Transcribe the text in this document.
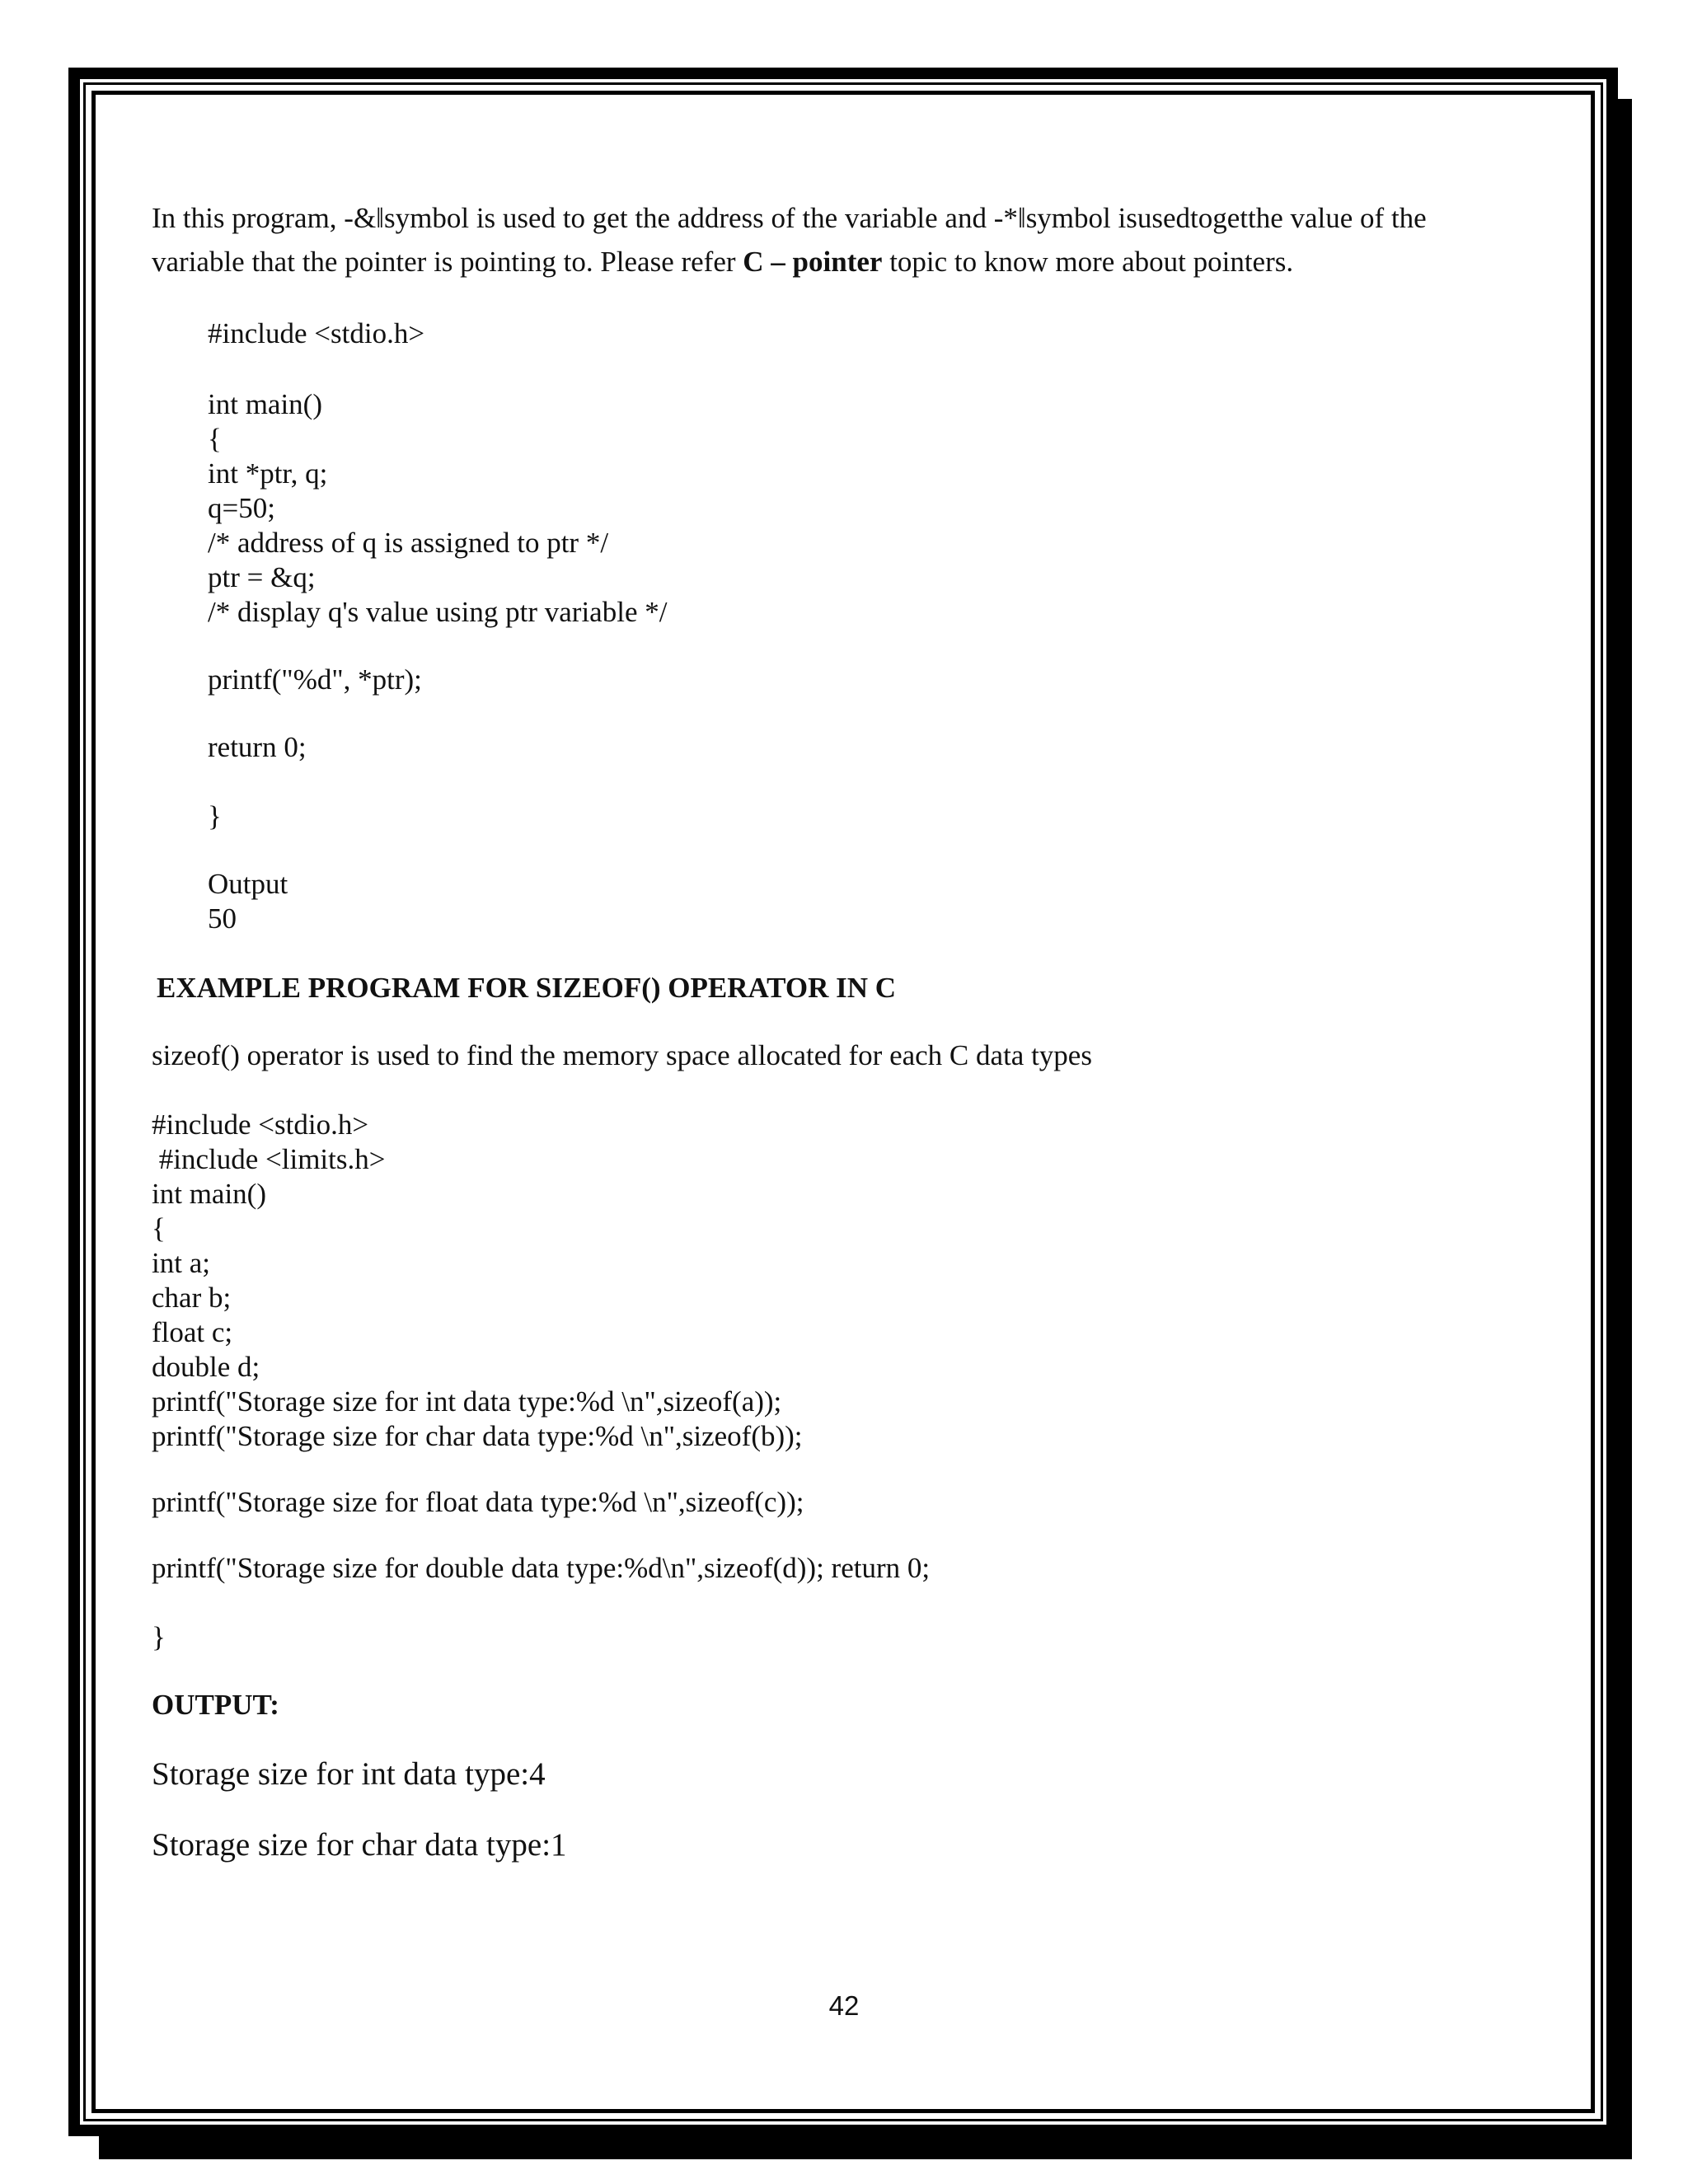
In this program, ‑&‖symbol is used to get the address of the variable and ‑*‖symbol isusedtogetthe value of the variable that the pointer is pointing to. Please refer C – pointer topic to know more about pointers.
#include <stdio.h>
int main()
{
int *ptr, q;
q=50;
/* address of q is assigned to ptr */
ptr = &q;
/* display q's value using ptr variable */
printf("%d", *ptr);
return 0;
}
Output
50
EXAMPLE PROGRAM FOR SIZEOF() OPERATOR IN C
sizeof() operator is used to find the memory space allocated for each C data types
#include <stdio.h>
#include <limits.h>
int main()
{
int a;
char b;
float c;
double d;
printf("Storage size for int data type:%d \n",sizeof(a));
printf("Storage size for char data type:%d \n",sizeof(b));
printf("Storage size for float data type:%d \n",sizeof(c));
printf("Storage size for double data type:%d\n",sizeof(d)); return 0;
}
OUTPUT:
Storage size for int data type:4
Storage size for char data type:1
42
